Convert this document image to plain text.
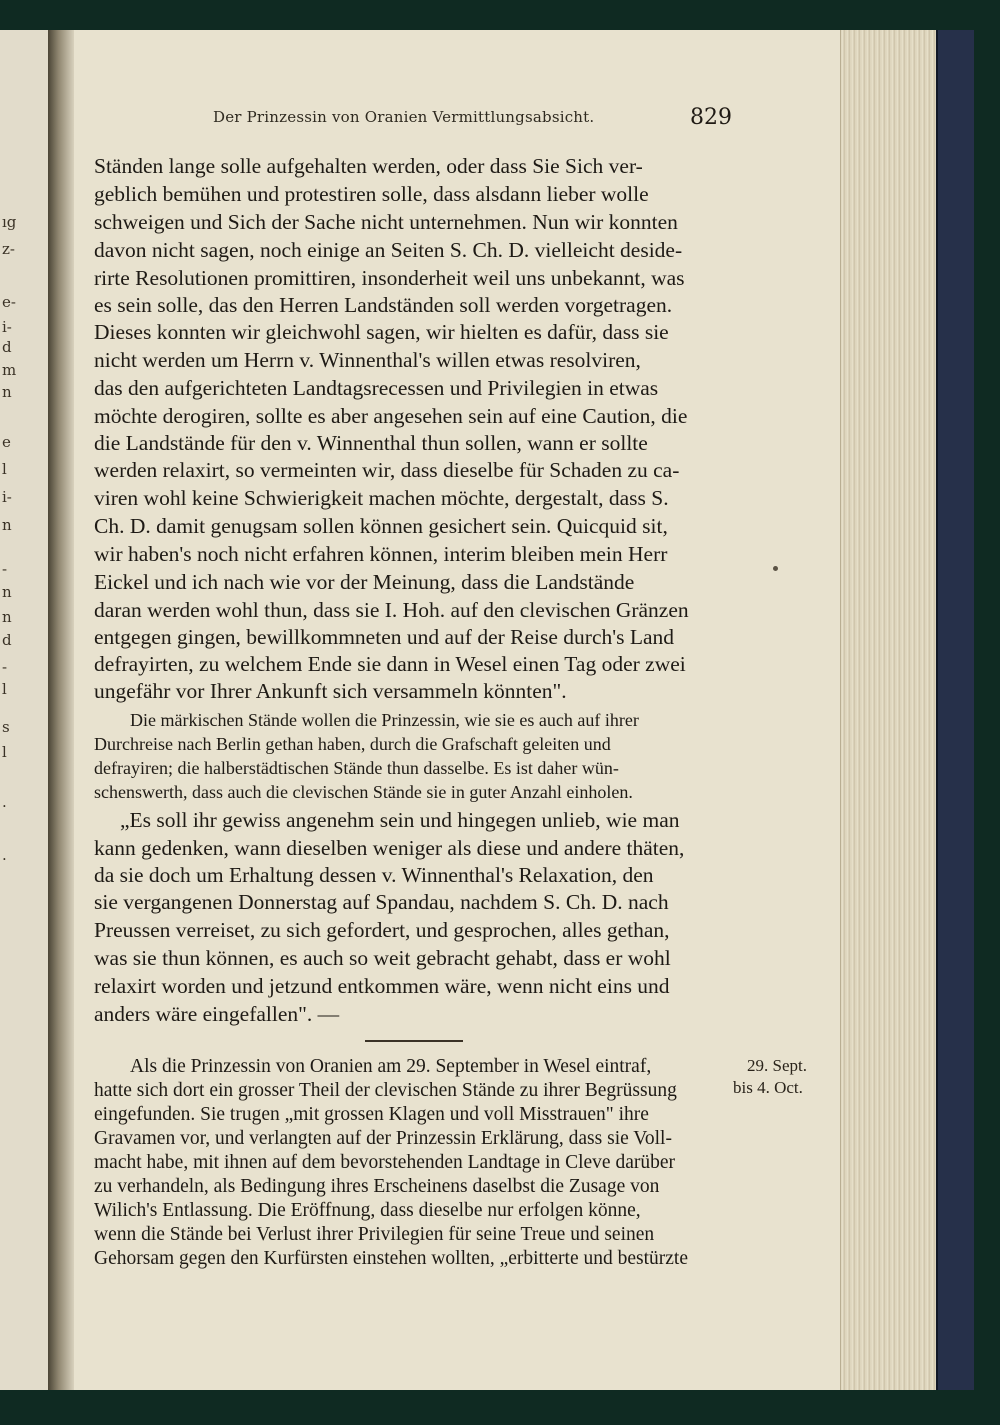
ıg
z-
e-
i-
d
m
n
e
l
i-
n
-
n
n
d
-
l
s
l
.
.
Der Prinzessin von Oranien Vermittlungsabsicht.	829
Ständen lange solle aufgehalten werden, oder dass Sie Sich ver-
geblich bemühen und protestiren solle, dass alsdann lieber wolle
schweigen und Sich der Sache nicht unternehmen. Nun wir konnten
davon nicht sagen, noch einige an Seiten S. Ch. D. vielleicht deside-
rirte Resolutionen promittiren, insonderheit weil uns unbekannt, was
es sein solle, das den Herren Landständen soll werden vorgetragen.
Dieses konnten wir gleichwohl sagen, wir hielten es dafür, dass sie
nicht werden um Herrn v. Winnenthal's willen etwas resolviren,
das den aufgerichteten Landtagsrecessen und Privilegien in etwas
möchte derogiren, sollte es aber angesehen sein auf eine Caution, die
die Landstände für den v. Winnenthal thun sollen, wann er sollte
werden relaxirt, so vermeinten wir, dass dieselbe für Schaden zu ca-
viren wohl keine Schwierigkeit machen möchte, dergestalt, dass S.
Ch. D. damit genugsam sollen können gesichert sein. Quicquid sit,
wir haben's noch nicht erfahren können, interim bleiben mein Herr
Eickel und ich nach wie vor der Meinung, dass die Landstände
daran werden wohl thun, dass sie I. Hoh. auf den clevischen Gränzen
entgegen gingen, bewillkommneten und auf der Reise durch's Land
defrayirten, zu welchem Ende sie dann in Wesel einen Tag oder zwei
ungefähr vor Ihrer Ankunft sich versammeln könnten".
Die märkischen Stände wollen die Prinzessin, wie sie es auch auf ihrer
Durchreise nach Berlin gethan haben, durch die Grafschaft geleiten und
defrayiren; die halberstädtischen Stände thun dasselbe. Es ist daher wün-
schenswerth, dass auch die clevischen Stände sie in guter Anzahl einholen.
„Es soll ihr gewiss angenehm sein und hingegen unlieb, wie man
kann gedenken, wann dieselben weniger als diese und andere thäten,
da sie doch um Erhaltung dessen v. Winnenthal's Relaxation, den
sie vergangenen Donnerstag auf Spandau, nachdem S. Ch. D. nach
Preussen verreiset, zu sich gefordert, und gesprochen, alles gethan,
was sie thun können, es auch so weit gebracht gehabt, dass er wohl
relaxirt worden und jetzund entkommen wäre, wenn nicht eins und
anders wäre eingefallen". —
Als die Prinzessin von Oranien am 29. September in Wesel eintraf,
hatte sich dort ein grosser Theil der clevischen Stände zu ihrer Begrüssung
eingefunden. Sie trugen „mit grossen Klagen und voll Misstrauen" ihre
Gravamen vor, und verlangten auf der Prinzessin Erklärung, dass sie Voll-
macht habe, mit ihnen auf dem bevorstehenden Landtage in Cleve darüber
zu verhandeln, als Bedingung ihres Erscheinens daselbst die Zusage von
Wilich's Entlassung. Die Eröffnung, dass dieselbe nur erfolgen könne,
wenn die Stände bei Verlust ihrer Privilegien für seine Treue und seinen
Gehorsam gegen den Kurfürsten einstehen wollten, „erbitterte und bestürzte
29. Sept.
bis 4. Oct.
